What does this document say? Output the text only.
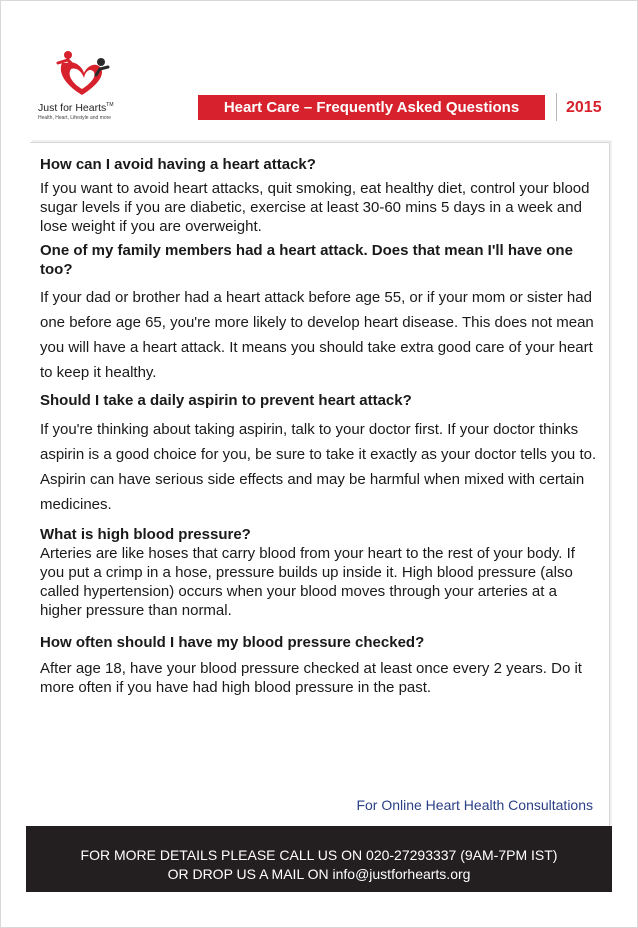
Just for Hearts™
Health, Heart, Lifestyle and more
Heart Care – Frequently Asked Questions	2015

How can I avoid having a heart attack?

If you want to avoid heart attacks, quit smoking, eat healthy diet, control your blood sugar levels if you are diabetic, exercise at least 30-60 mins 5 days in a week and lose weight if you are overweight.

One of my family members had a heart attack. Does that mean I'll have one too?

If your dad or brother had a heart attack before age 55, or if your mom or sister had one before age 65, you're more likely to develop heart disease. This does not mean you will have a heart attack. It means you should take extra good care of your heart to keep it healthy.

Should I take a daily aspirin to prevent heart attack?

If you're thinking about taking aspirin, talk to your doctor first. If your doctor thinks aspirin is a good choice for you, be sure to take it exactly as your doctor tells you to. Aspirin can have serious side effects and may be harmful when mixed with certain medicines.

What is high blood pressure?

Arteries are like hoses that carry blood from your heart to the rest of your body. If you put a crimp in a hose, pressure builds up inside it. High blood pressure (also called hypertension) occurs when your blood moves through your arteries at a higher pressure than normal.

How often should I have my blood pressure checked?

After age 18, have your blood pressure checked at least once every 2 years. Do it more often if you have had high blood pressure in the past.

For Online Heart Health Consultations

FOR MORE DETAILS PLEASE CALL US ON 020-27293337 (9AM-7PM IST)

OR DROP US A MAIL ON info@justforhearts.org
